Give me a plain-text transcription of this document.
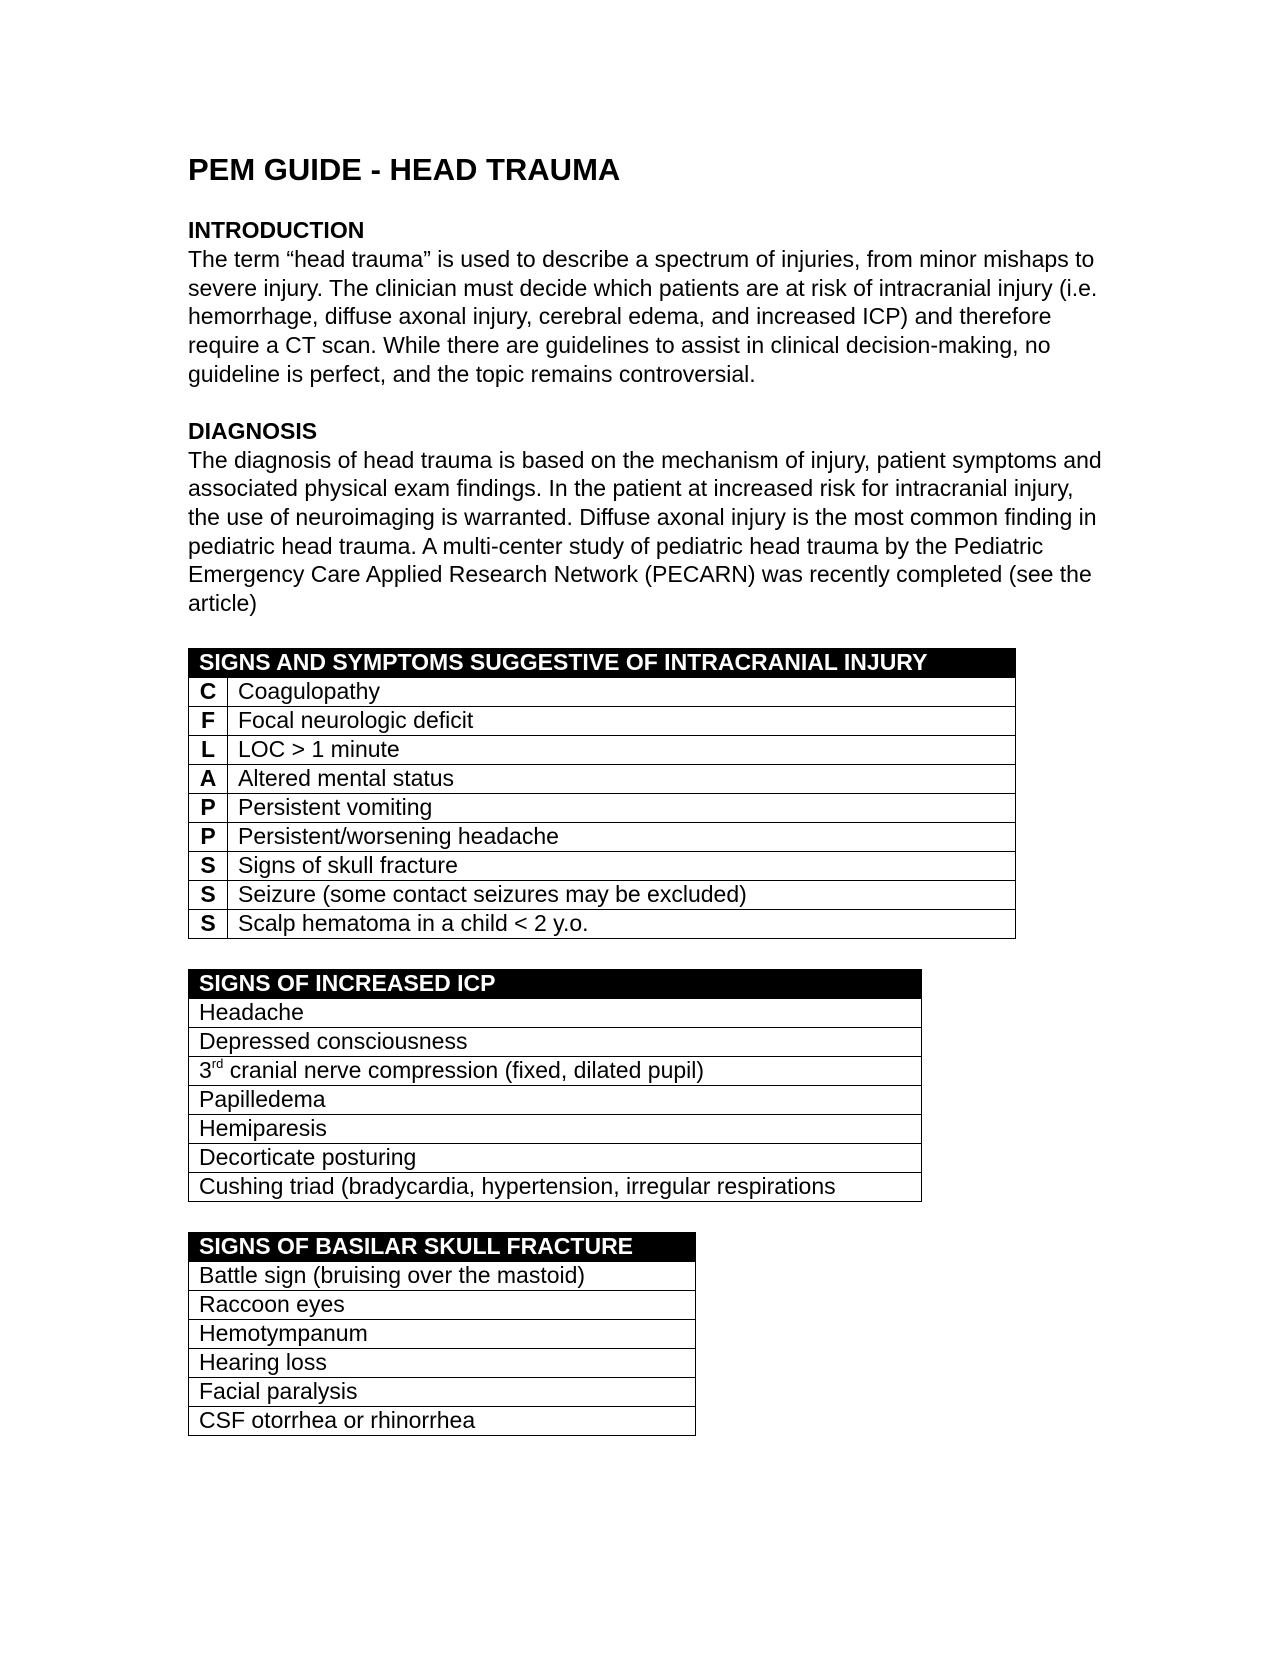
PEM GUIDE - HEAD TRAUMA
INTRODUCTION

The term “head trauma” is used to describe a spectrum of injuries, from minor mishaps to severe injury. The clinician must decide which patients are at risk of intracranial injury (i.e. hemorrhage, diffuse axonal injury, cerebral edema, and increased ICP) and therefore require a CT scan. While there are guidelines to assist in clinical decision-making, no guideline is perfect, and the topic remains controversial.

DIAGNOSIS

The diagnosis of head trauma is based on the mechanism of injury, patient symptoms and associated physical exam findings. In the patient at increased risk for intracranial injury, the use of neuroimaging is warranted. Diffuse axonal injury is the most common finding in pediatric head trauma. A multi-center study of pediatric head trauma by the Pediatric Emergency Care Applied Research Network (PECARN) was recently completed (see the article)

SIGNS AND SYMPTOMS SUGGESTIVE OF INTRACRANIAL INJURY	
C	Coagulopathy
F	Focal neurologic deficit
L	LOC > 1 minute
A	Altered mental status
P	Persistent vomiting
P	Persistent/worsening headache
S	Signs of skull fracture
S	Seizure (some contact seizures may be excluded)
S	Scalp hematoma in a child < 2 y.o.
SIGNS OF INCREASED ICP
Headache
Depressed consciousness
3rd cranial nerve compression (fixed, dilated pupil)
Papilledema
Hemiparesis
Decorticate posturing
Cushing triad (bradycardia, hypertension, irregular respirations
SIGNS OF BASILAR SKULL FRACTURE
Battle sign (bruising over the mastoid)
Raccoon eyes
Hemotympanum
Hearing loss
Facial paralysis
CSF otorrhea or rhinorrhea
